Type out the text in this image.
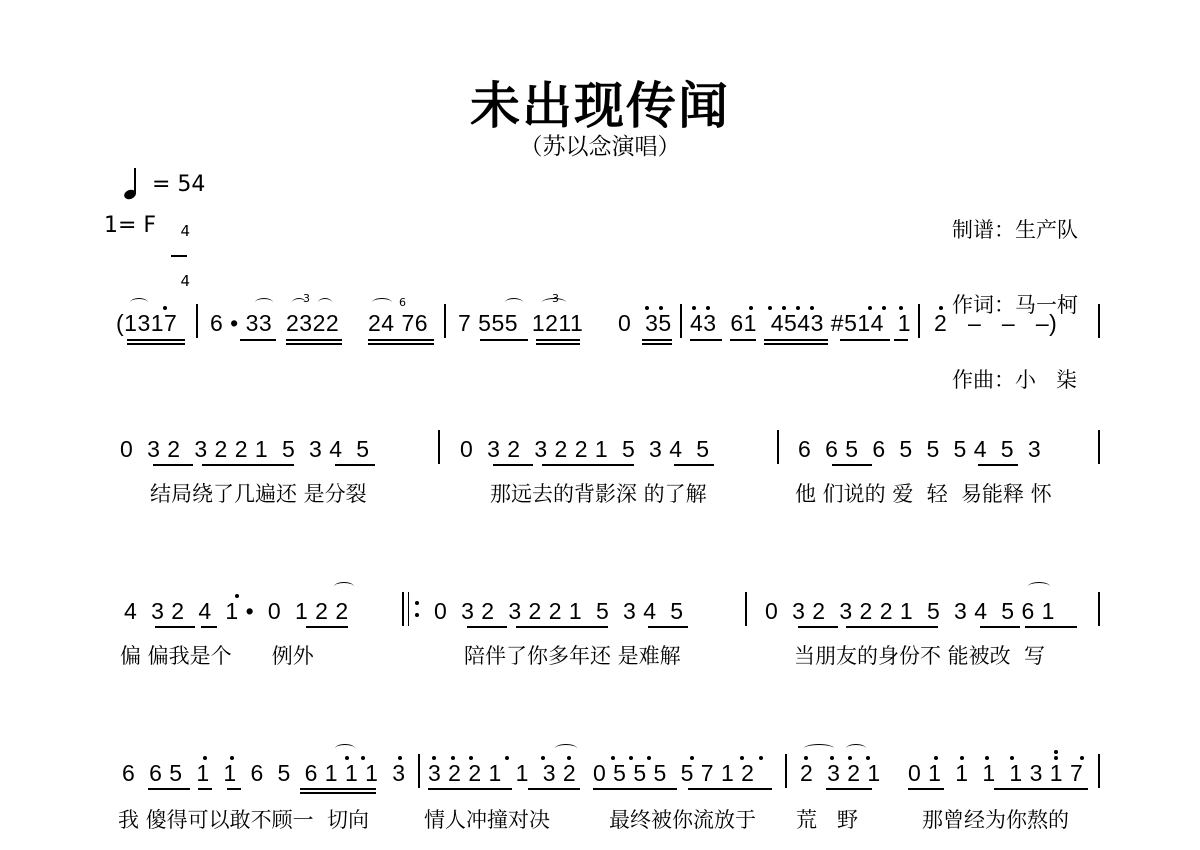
未出现传闻
（苏以念演唱）

= 54

1= F	4

4

制谱：生产队

作词：马一柯

作曲：小   柒

(1317 6 • 33  2322 24 76 7 555  1211 0  35 43  61  4543 #514  1 2   –   –   –)
3	6	3
0  3 2  3 2 2 1  5  3 4  5	0  3 2  3 2 2 1  5  3 4  5	6  6 5  6  5  5  5 4  5  3
结局绕了几遍还 是分裂	那远去的背影深 的了解	他 们说的 爱  轻  易能释 怀
4  3 2  4  1 •  0  1 2 2	0  3 2  3 2 2 1  5  3 4  5	0  3 2  3 2 2 1  5  3 4  5 6 1
偏 偏我是个      例外	陪伴了你多年还 是难解	当朋友的身份不 能被改  写
6  6 5  1  1  6  5  6 1 1 1  3 3 2 2 1  1  3 2 0 5 5 5  5 7 1 2 2  3 2 1 0 1  1  1  1 3 1 7
我 傻得可以敢不顾一  切向	情人冲撞对决	最终被你流放于 荒   野	那曾经为你熬的
